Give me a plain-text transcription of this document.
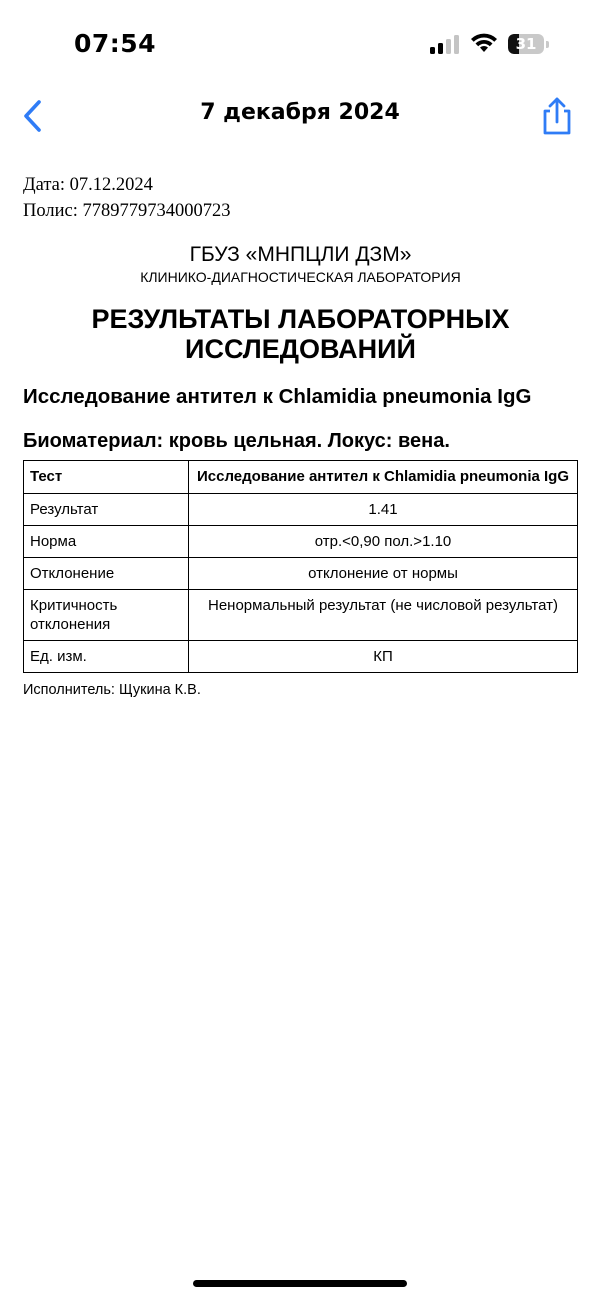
07:54	31
7 декабря 2024
Дата: 07.12.2024
Полис: 7789779734000723
ГБУЗ «МНПЦЛИ ДЗМ»
КЛИНИКО-ДИАГНОСТИЧЕСКАЯ ЛАБОРАТОРИЯ
РЕЗУЛЬТАТЫ ЛАБОРАТОРНЫХ ИССЛЕДОВАНИЙ
Исследование антител к Chlamidia pneumonia IgG
Биоматериал: кровь цельная. Локус: вена.
Тест	Исследование антител к Chlamidia pneumonia IgG
Результат	1.41
Норма	отр.<0,90 пол.>1.10
Отклонение	отклонение от нормы
Критичность отклонения	Ненормальный результат (не числовой результат)
Ед. изм.	КП
Исполнитель: Щукина К.В.
